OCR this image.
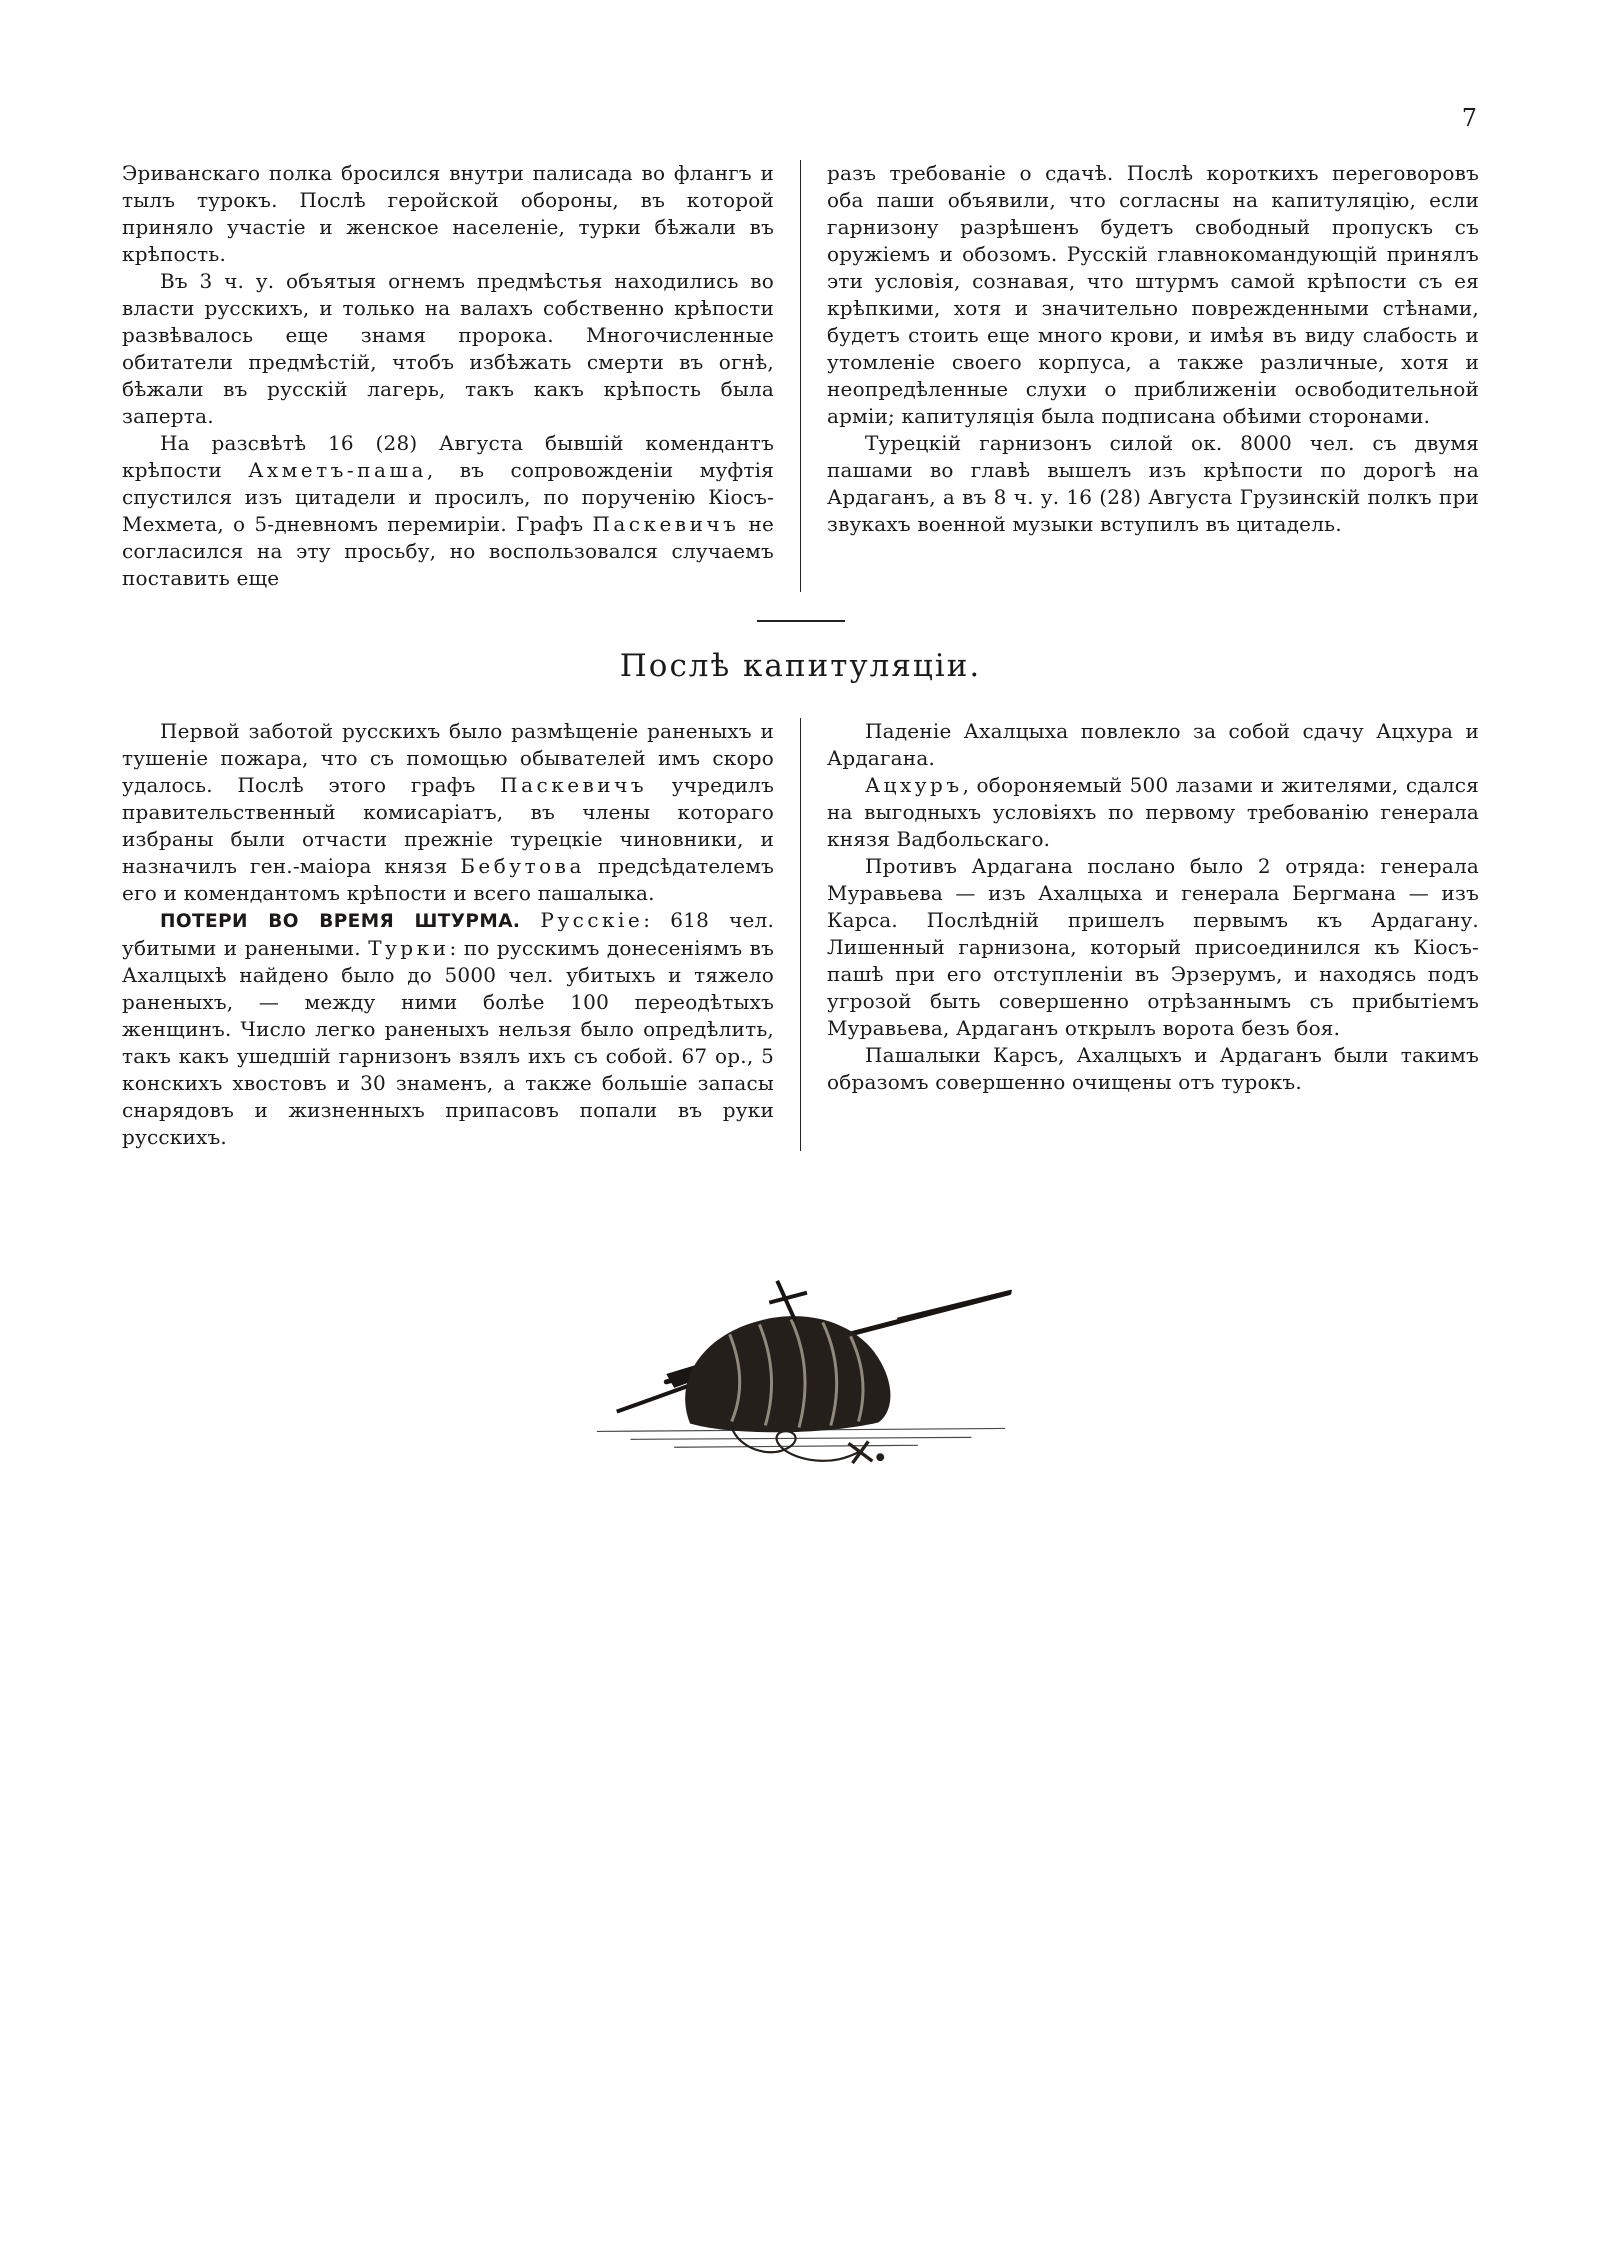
7

Эриванскаго полка бросился внутри палисада во флангъ и тылъ турокъ. Послѣ геройской обороны, въ которой приняло участіе и женское населеніе, турки бѣжали въ крѣпость.

Въ 3 ч. у. объятыя огнемъ предмѣстья находились во власти русскихъ, и только на валахъ собственно крѣпости развѣвалось еще знамя пророка. Многочисленные обитатели предмѣстій, чтобъ избѣжать смерти въ огнѣ, бѣжали въ русскій лагерь, такъ какъ крѣпость была заперта.

На разсвѣтѣ 16 (28) Августа бывшій комендантъ крѣпости Ахметъ-паша, въ сопровожденіи муфтія спустился изъ цитадели и просилъ, по порученію Кіосъ-Мехмета, о 5-дневномъ перемиріи. Графъ Паскевичъ не согласился на эту просьбу, но воспользовался случаемъ поставить еще

разъ требованіе о сдачѣ. Послѣ короткихъ переговоровъ оба паши объявили, что согласны на капитуляцію, если гарнизону разрѣшенъ будетъ свободный пропускъ съ оружіемъ и обозомъ. Русскій главнокомандующій принялъ эти условія, сознавая, что штурмъ самой крѣпости съ ея крѣпкими, хотя и значительно поврежденными стѣнами, будетъ стоить еще много крови, и имѣя въ виду слабость и утомленіе своего корпуса, а также различные, хотя и неопредѣленные слухи о приближеніи освободительной арміи; капитуляція была подписана обѣими сторонами.

Турецкій гарнизонъ силой ок. 8000 чел. съ двумя пашами во главѣ вышелъ изъ крѣпости по дорогѣ на Ардаганъ, а въ 8 ч. у. 16 (28) Августа Грузинскій полкъ при звукахъ военной музыки вступилъ въ цитадель.

Послѣ капитуляціи.

Первой заботой русскихъ было размѣщеніе раненыхъ и тушеніе пожара, что съ помощью обывателей имъ скоро удалось. Послѣ этого графъ Паскевичъ учредилъ правительственный комисаріатъ, въ члены котораго избраны были отчасти прежніе турецкіе чиновники, и назначилъ ген.-маіора князя Бебутова предсѣдателемъ его и комендантомъ крѣпости и всего пашалыка.

ПОТЕРИ ВО ВРЕМЯ ШТУРМА. Русскіе: 618 чел. убитыми и ранеными. Турки: по русскимъ донесеніямъ въ Ахалцыхѣ найдено было до 5000 чел. убитыхъ и тяжело раненыхъ, — между ними болѣе 100 переодѣтыхъ женщинъ. Число легко раненыхъ нельзя было опредѣлить, такъ какъ ушедшій гарнизонъ взялъ ихъ съ собой. 67 ор., 5 конскихъ хвостовъ и 30 знаменъ, а также большіе запасы снарядовъ и жизненныхъ припасовъ попали въ руки русскихъ.

Паденіе Ахалцыха повлекло за собой сдачу Ацхура и Ардагана.

Ацхуръ, обороняемый 500 лазами и жителями, сдался на выгодныхъ условіяхъ по первому требованію генерала князя Вадбольскаго.

Противъ Ардагана послано было 2 отряда: генерала Муравьева — изъ Ахалцыха и генерала Бергмана — изъ Карса. Послѣдній пришелъ первымъ къ Ардагану. Лишенный гарнизона, который присоединился къ Кіосъ-пашѣ при его отступленіи въ Эрзерумъ, и находясь подъ угрозой быть совершенно отрѣзаннымъ съ прибытіемъ Муравьева, Ардаганъ открылъ ворота безъ боя.

Пашалыки Карсъ, Ахалцыхъ и Ардаганъ были такимъ образомъ совершенно очищены отъ турокъ.
